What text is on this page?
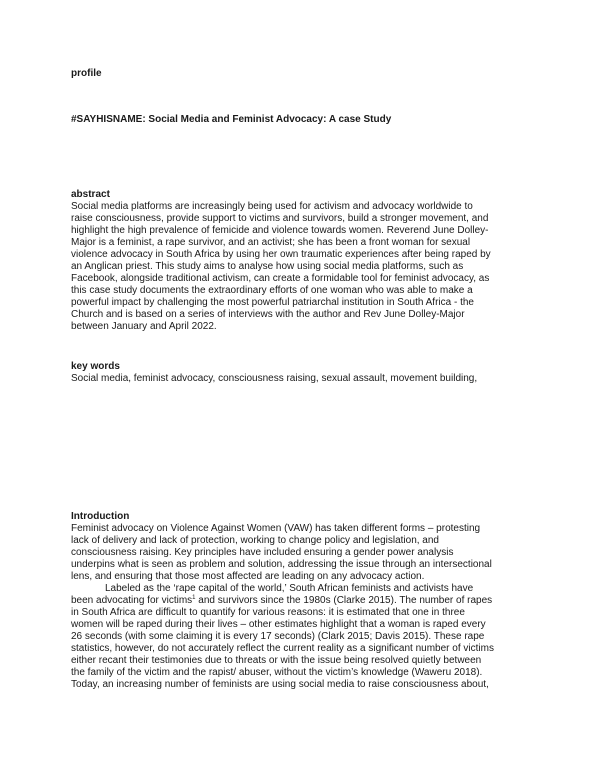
profile
#SAYHISNAME: Social Media and Feminist Advocacy: A case Study
abstract

Social media platforms are increasingly being used for activism and advocacy worldwide to
raise consciousness, provide support to victims and survivors, build a stronger movement, and
highlight the high prevalence of femicide and violence towards women. Reverend June Dolley-
Major is a feminist, a rape survivor, and an activist; she has been a front woman for sexual
violence advocacy in South Africa by using her own traumatic experiences after being raped by
an Anglican priest. This study aims to analyse how using social media platforms, such as
Facebook, alongside traditional activism, can create a formidable tool for feminist advocacy, as
this case study documents the extraordinary efforts of one woman who was able to make a
powerful impact by challenging the most powerful patriarchal institution in South Africa - the
Church and is based on a series of interviews with the author and Rev June Dolley-Major
between January and April 2022.

key words

Social media, feminist advocacy, consciousness raising, sexual assault, movement building,

Introduction

Feminist advocacy on Violence Against Women (VAW) has taken different forms – protesting
lack of delivery and lack of protection, working to change policy and legislation, and
consciousness raising. Key principles have included ensuring a gender power analysis
underpins what is seen as problem and solution, addressing the issue through an intersectional
lens, and ensuring that those most affected are leading on any advocacy action.
Labeled as the ‘rape capital of the world,’ South African feminists and activists have
been advocating for victims$^1$ and survivors since the 1980s (Clarke 2015). The number of rapes
in South Africa are difficult to quantify for various reasons: it is estimated that one in three
women will be raped during their lives – other estimates highlight that a woman is raped every
26 seconds (with some claiming it is every 17 seconds) (Clark 2015; Davis 2015). These rape
statistics, however, do not accurately reflect the current reality as a significant number of victims
either recant their testimonies due to threats or with the issue being resolved quietly between
the family of the victim and the rapist/ abuser, without the victim’s knowledge (Waweru 2018).
Today, an increasing number of feminists are using social media to raise consciousness about,
